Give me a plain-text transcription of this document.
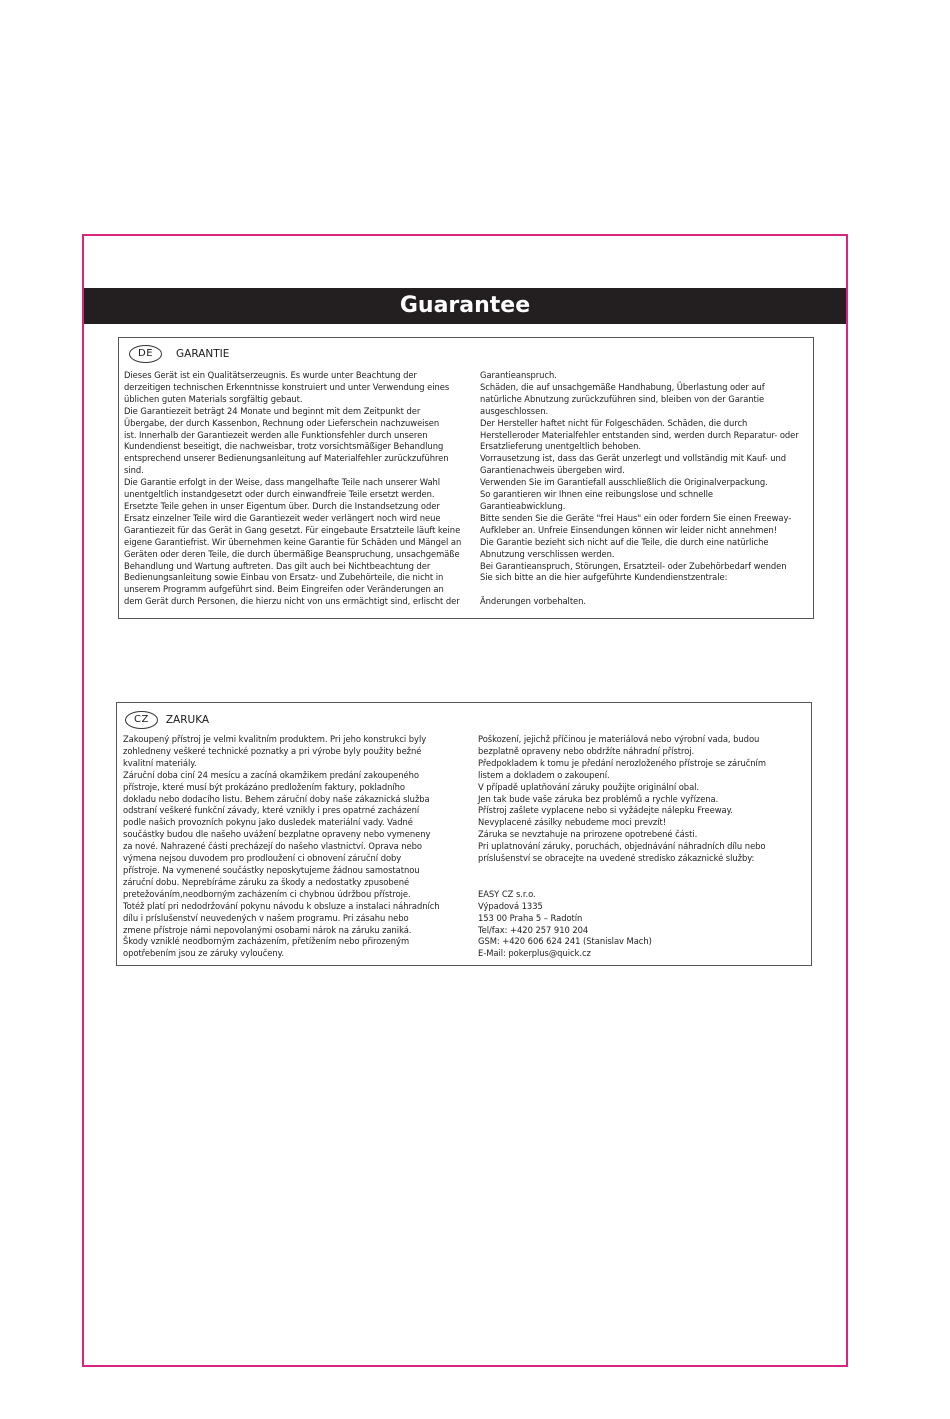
Guarantee
DE	GARANTIE
Dieses Gerät ist ein Qualitätserzeugnis. Es wurde unter Beachtung der
derzeitigen technischen Erkenntnisse konstruiert und unter Verwendung eines
üblichen guten Materials sorgfältig gebaut.
Die Garantiezeit beträgt 24 Monate und beginnt mit dem Zeitpunkt der
Übergabe, der durch Kassenbon, Rechnung oder Lieferschein nachzuweisen
ist. Innerhalb der Garantiezeit werden alle Funktionsfehler durch unseren
Kundendienst beseitigt, die nachweisbar, trotz vorsichtsmäßiger Behandlung
entsprechend unserer Bedienungsanleitung auf Materialfehler zurückzuführen
sind.
Die Garantie erfolgt in der Weise, dass mangelhafte Teile nach unserer Wahl
unentgeltlich instandgesetzt oder durch einwandfreie Teile ersetzt werden.
Ersetzte Teile gehen in unser Eigentum über. Durch die Instandsetzung oder
Ersatz einzelner Teile wird die Garantiezeit weder verlängert noch wird neue
Garantiezeit für das Gerät in Gang gesetzt. Für eingebaute Ersatzteile läuft keine
eigene Garantiefrist. Wir übernehmen keine Garantie für Schäden und Mängel an
Geräten oder deren Teile, die durch übermäßige Beanspruchung, unsachgemäße
Behandlung und Wartung auftreten. Das gilt auch bei Nichtbeachtung der
Bedienungsanleitung sowie Einbau von Ersatz- und Zubehörteile, die nicht in
unserem Programm aufgeführt sind. Beim Eingreifen oder Veränderungen an
dem Gerät durch Personen, die hierzu nicht von uns ermächtigt sind, erlischt der
Garantieanspruch.
Schäden, die auf unsachgemäße Handhabung, Überlastung oder auf
natürliche Abnutzung zurückzuführen sind, bleiben von der Garantie
ausgeschlossen.
Der Hersteller haftet nicht für Folgeschäden. Schäden, die durch
Herstelleroder Materialfehler entstanden sind, werden durch Reparatur- oder
Ersatzlieferung unentgeltlich behoben.
Vorrausetzung ist, dass das Gerät unzerlegt und vollständig mit Kauf- und
Garantienachweis übergeben wird.
Verwenden Sie im Garantiefall ausschließlich die Originalverpackung.
So garantieren wir Ihnen eine reibungslose und schnelle
Garantieabwicklung.
Bitte senden Sie die Geräte "frei Haus" ein oder fordern Sie einen Freeway-
Aufkleber an. Unfreie Einsendungen können wir leider nicht annehmen!
Die Garantie bezieht sich nicht auf die Teile, die durch eine natürliche
Abnutzung verschlissen werden.
Bei Garantieanspruch, Störungen, Ersatzteil- oder Zubehörbedarf wenden
Sie sich bitte an die hier aufgeführte Kundendienstzentrale:

Änderungen vorbehalten.
CZ	ZARUKA
Zakoupený přístroj je velmi kvalitním produktem. Pri jeho konstrukci byly
zohledneny veškeré technické poznatky a pri výrobe byly použity bežné
kvalitní materiály.
Záruční doba ciní 24 mesícu a zacíná okamžikem predání zakoupeného
přístroje, které musí být prokázáno predložením faktury, pokladního
dokladu nebo dodacího listu. Behem záruční doby naše zákaznická služba
odstraní veškeré funkční závady, které vznikly i pres opatrné zacházení
podle našich provozních pokynu jako dusledek materiální vady. Vadné
součástky budou dle našeho uvážení bezplatne opraveny nebo vymeneny
za nové. Nahrazené části precházejí do našeho vlastnictví. Oprava nebo
výmena nejsou duvodem pro prodloužení ci obnovení záruční doby
přístroje. Na vymenené součástky neposkytujeme žádnou samostatnou
záruční dobu. Neprebíráme záruku za škody a nedostatky zpusobené
pretežováním,neodborným zacházením ci chybnou údržbou přístroje.
Totéž platí pri nedodržování pokynu návodu k obsluze a instalaci náhradních
dílu i príslušenství neuvedených v našem programu. Pri zásahu nebo
zmene přístroje námi nepovolanými osobami nárok na záruku zaniká.
Škody vzniklé neodborným zacházením, přetížením nebo přirozeným
opotřebením jsou ze záruky vyloučeny.
Poškození, jejichž příčinou je materiálová nebo výrobní vada, budou
bezplatně opraveny nebo obdržíte náhradní přístroj.
Předpokladem k tomu je předání nerozloženého přístroje se záručním
listem a dokladem o zakoupení.
V případě uplatňování záruky použijte originální obal.
Jen tak bude vaše záruka bez problémů a rychle vyřízena.
Přístroj zašlete vyplacene nebo si vyžádejte nálepku Freeway.
Nevyplacené zásilky nebudeme moci prevzít!
Záruka se nevztahuje na prirozene opotrebené části.
Pri uplatnování záruky, poruchách, objednávání náhradních dílu nebo
príslušenství se obracejte na uvedené stredisko zákaznické služby:

EASY CZ s.r.o.
Výpadová 1335
153 00 Praha 5 – Radotín
Tel/fax: +420 257 910 204
GSM: +420 606 624 241 (Stanislav Mach)
E-Mail: pokerplus@quick.cz
